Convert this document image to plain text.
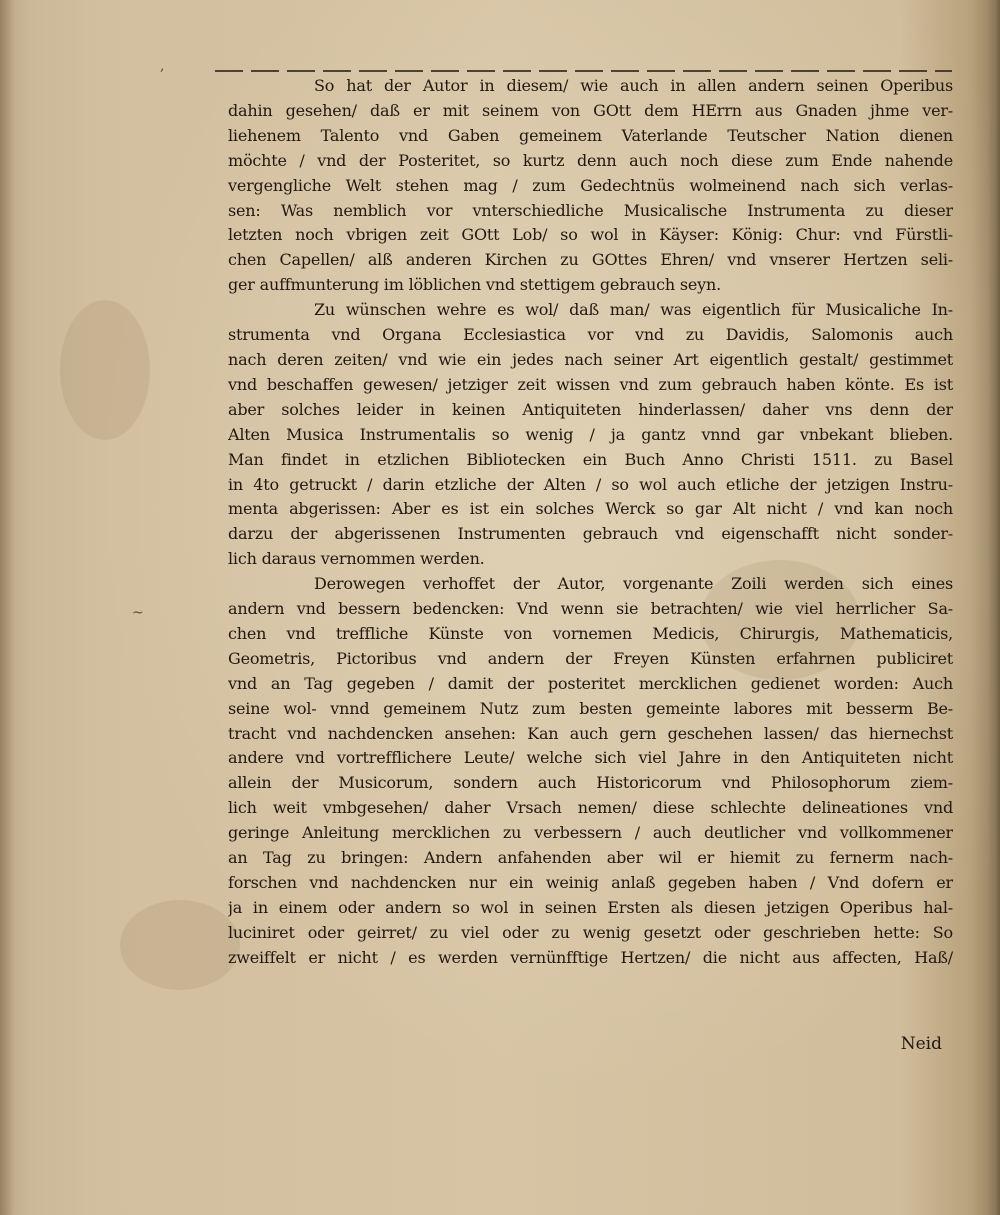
,
~
So hat der Autor in diesem/ wie auch in allen andern seinen Operibus
dahin gesehen/ daß er mit seinem von GOtt dem HErrn aus Gnaden jhme ver-
liehenem Talento vnd Gaben gemeinem Vaterlande Teutscher Nation dienen
möchte / vnd der Posteritet, so kurtz denn auch noch diese zum Ende nahende
vergengliche Welt stehen mag / zum Gedechtnüs wolmeinend nach sich verlas-
sen: Was nemblich vor vnterschiedliche Musicalische Instrumenta zu dieser
letzten noch vbrigen zeit GOtt Lob/ so wol in Käyser: König: Chur: vnd Fürstli-
chen Capellen/ alß anderen Kirchen zu GOttes Ehren/ vnd vnserer Hertzen seli-
ger auffmunterung im löblichen vnd stettigem gebrauch seyn.
Zu wünschen wehre es wol/ daß man/ was eigentlich für Musicaliche In-
strumenta vnd Organa Ecclesiastica vor vnd zu Davidis, Salomonis auch
nach deren zeiten/ vnd wie ein jedes nach seiner Art eigentlich gestalt/ gestimmet
vnd beschaffen gewesen/ jetziger zeit wissen vnd zum gebrauch haben könte. Es ist
aber solches leider in keinen Antiquiteten hinderlassen/ daher vns denn der
Alten Musica Instrumentalis so wenig / ja gantz vnnd gar vnbekant blieben.
Man findet in etzlichen Bibliotecken ein Buch Anno Christi 1511. zu Basel
in 4to getruckt / darin etzliche der Alten / so wol auch etliche der jetzigen Instru-
menta abgerissen: Aber es ist ein solches Werck so gar Alt nicht / vnd kan noch
darzu der abgerissenen Instrumenten gebrauch vnd eigenschafft nicht sonder-
lich daraus vernommen werden.
Derowegen verhoffet der Autor, vorgenante Zoili werden sich eines
andern vnd bessern bedencken: Vnd wenn sie betrachten/ wie viel herrlicher Sa-
chen vnd treffliche Künste von vornemen Medicis, Chirurgis, Mathematicis,
Geometris, Pictoribus vnd andern der Freyen Künsten erfahrnen publiciret
vnd an Tag gegeben / damit der posteritet mercklichen gedienet worden: Auch
seine wol- vnnd gemeinem Nutz zum besten gemeinte labores mit besserm Be-
tracht vnd nachdencken ansehen: Kan auch gern geschehen lassen/ das hiernechst
andere vnd vortrefflichere Leute/ welche sich viel Jahre in den Antiquiteten nicht
allein der Musicorum, sondern auch Historicorum vnd Philosophorum ziem-
lich weit vmbgesehen/ daher Vrsach nemen/ diese schlechte delineationes vnd
geringe Anleitung mercklichen zu verbessern / auch deutlicher vnd vollkommener
an Tag zu bringen: Andern anfahenden aber wil er hiemit zu fernerm nach-
forschen vnd nachdencken nur ein weinig anlaß gegeben haben / Vnd dofern er
ja in einem oder andern so wol in seinen Ersten als diesen jetzigen Operibus hal-
luciniret oder geirret/ zu viel oder zu wenig gesetzt oder geschrieben hette: So
zweiffelt er nicht / es werden vernünfftige Hertzen/ die nicht aus affecten, Haß/
Neid
